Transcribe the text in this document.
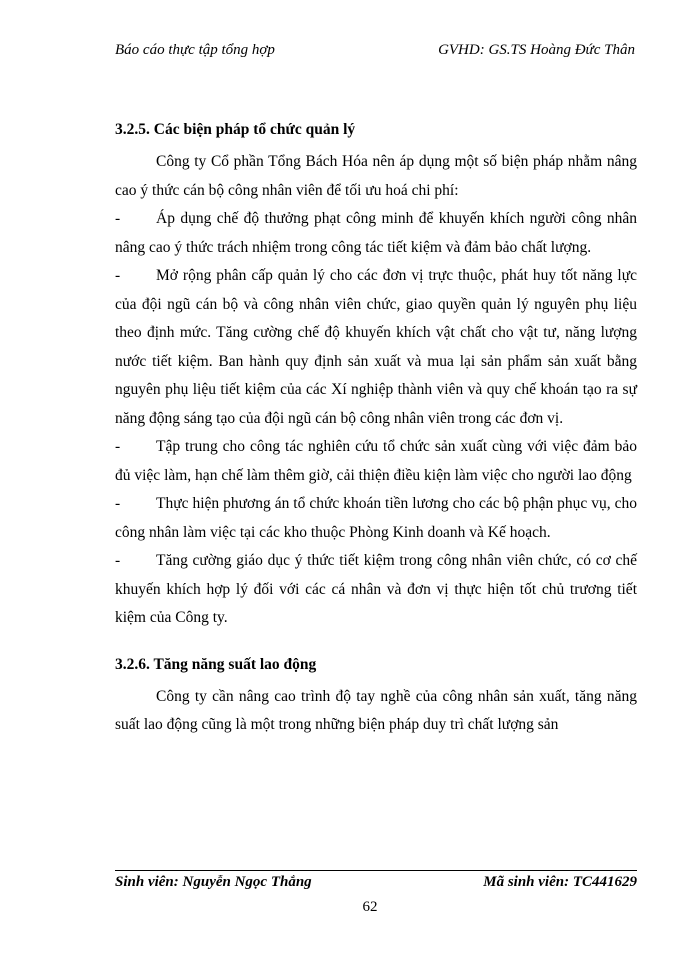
Báo cáo thực tập tổng hợp	GVHD: GS.TS Hoàng Đức Thân
3.2.5. Các biện pháp tổ chức quản lý

Công ty Cổ phần Tổng Bách Hóa nên áp dụng một số biện pháp nhằm nâng cao ý thức cán bộ công nhân viên để tối ưu hoá chi phí:

- Áp dụng chế độ thưởng phạt công minh để khuyến khích người công nhân nâng cao ý thức trách nhiệm trong công tác tiết kiệm và đảm bảo chất lượng.

- Mở rộng phân cấp quản lý cho các đơn vị trực thuộc, phát huy tốt năng lực của đội ngũ cán bộ và công nhân viên chức, giao quyền quản lý nguyên phụ liệu theo định mức. Tăng cường chế độ khuyến khích vật chất cho vật tư, năng lượng nước tiết kiệm. Ban hành quy định sản xuất và mua lại sản phẩm sản xuất bằng nguyên phụ liệu tiết kiệm của các Xí nghiệp thành viên và quy chế khoán tạo ra sự năng động sáng tạo của đội ngũ cán bộ công nhân viên trong các đơn vị.

- Tập trung cho công tác nghiên cứu tổ chức sản xuất cùng với việc đảm bảo đủ việc làm, hạn chế làm thêm giờ, cải thiện điều kiện làm việc cho người lao động

- Thực hiện phương án tổ chức khoán tiền lương cho các bộ phận phục vụ, cho công nhân làm việc tại các kho thuộc Phòng Kinh doanh và Kế hoạch.

- Tăng cường giáo dục ý thức tiết kiệm trong công nhân viên chức, có cơ chế khuyến khích hợp lý đối với các cá nhân và đơn vị thực hiện tốt chủ trương tiết kiệm của Công ty.

3.2.6. Tăng năng suất lao động

Công ty cần nâng cao trình độ tay nghề của công nhân sản xuất, tăng năng suất lao động cũng là một trong những biện pháp duy trì chất lượng sản

Sinh viên: Nguyễn Ngọc Thắng	Mã sinh viên: TC441629
62
